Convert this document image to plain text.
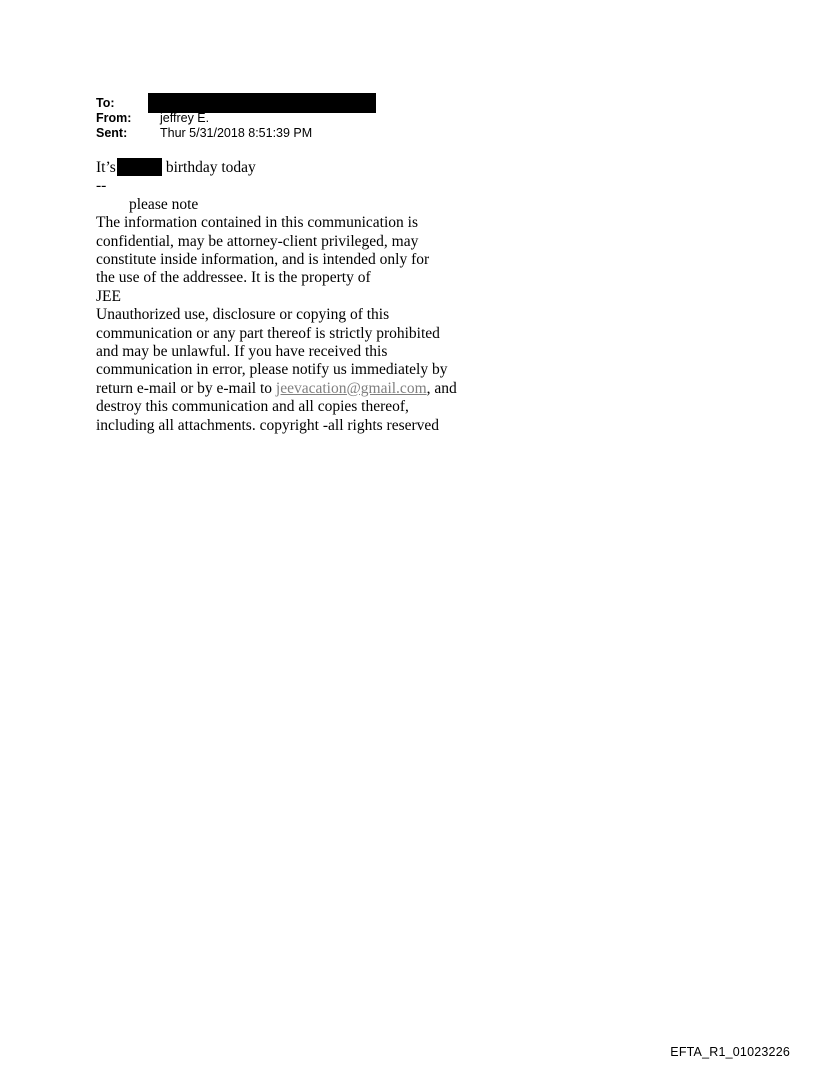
To:
From:	jeffrey E.
Sent:	Thur 5/31/2018 8:51:39 PM
It’s	birthday today
--
please note
The information contained in this communication is
confidential, may be attorney-client privileged, may
constitute inside information, and is intended only for
the use of the addressee. It is the property of
JEE
Unauthorized use, disclosure or copying of this
communication or any part thereof is strictly prohibited
and may be unlawful. If you have received this
communication in error, please notify us immediately by
return e-mail or by e-mail to jeevacation@gmail.com, and
destroy this communication and all copies thereof,
including all attachments. copyright -all rights reserved
EFTA_R1_01023226
